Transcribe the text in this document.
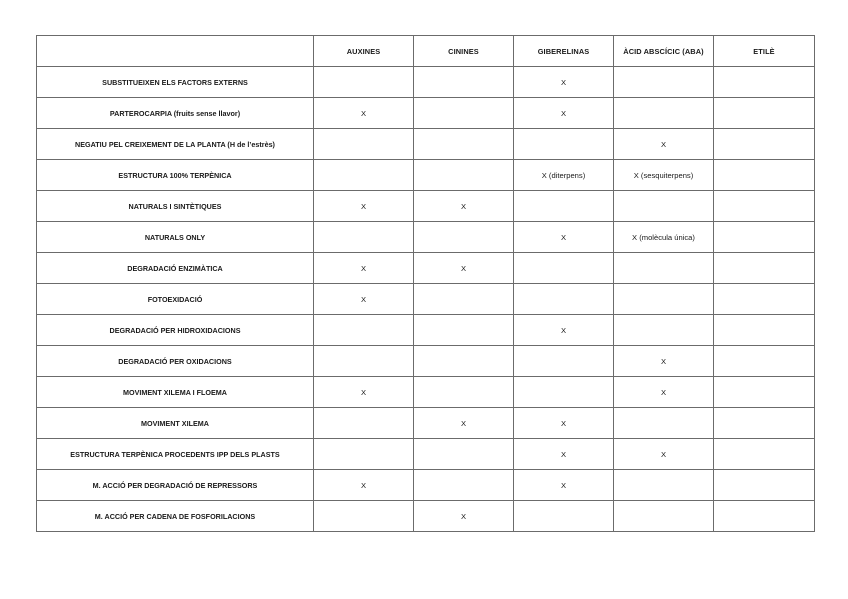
	AUXINES	CININES	GIBERELINAS	ÀCID ABSCÍCIC (ABA)	ETILÈ
SUBSTITUEIXEN ELS FACTORS EXTERNS			X		
PARTEROCARPIA (fruits sense llavor)	X		X		
NEGATIU PEL CREIXEMENT DE LA PLANTA (H de l’estrès)				X	
ESTRUCTURA 100% TERPÈNICA			X (diterpens)	X (sesquiterpens)	
NATURALS I SINTÈTIQUES	X	X			
NATURALS ONLY			X	X (molècula única)	
DEGRADACIÓ ENZIMÀTICA	X	X			
FOTOEXIDACIÓ	X				
DEGRADACIÓ PER HIDROXIDACIONS			X		
DEGRADACIÓ PER OXIDACIONS				X	
MOVIMENT XILEMA I FLOEMA	X			X	
MOVIMENT XILEMA		X	X		
ESTRUCTURA TERPÈNICA PROCEDENTS IPP DELS PLASTS			X	X	
M. ACCIÓ PER DEGRADACIÓ DE REPRESSORS	X		X		
M. ACCIÓ PER CADENA DE FOSFORILACIONS		X			
